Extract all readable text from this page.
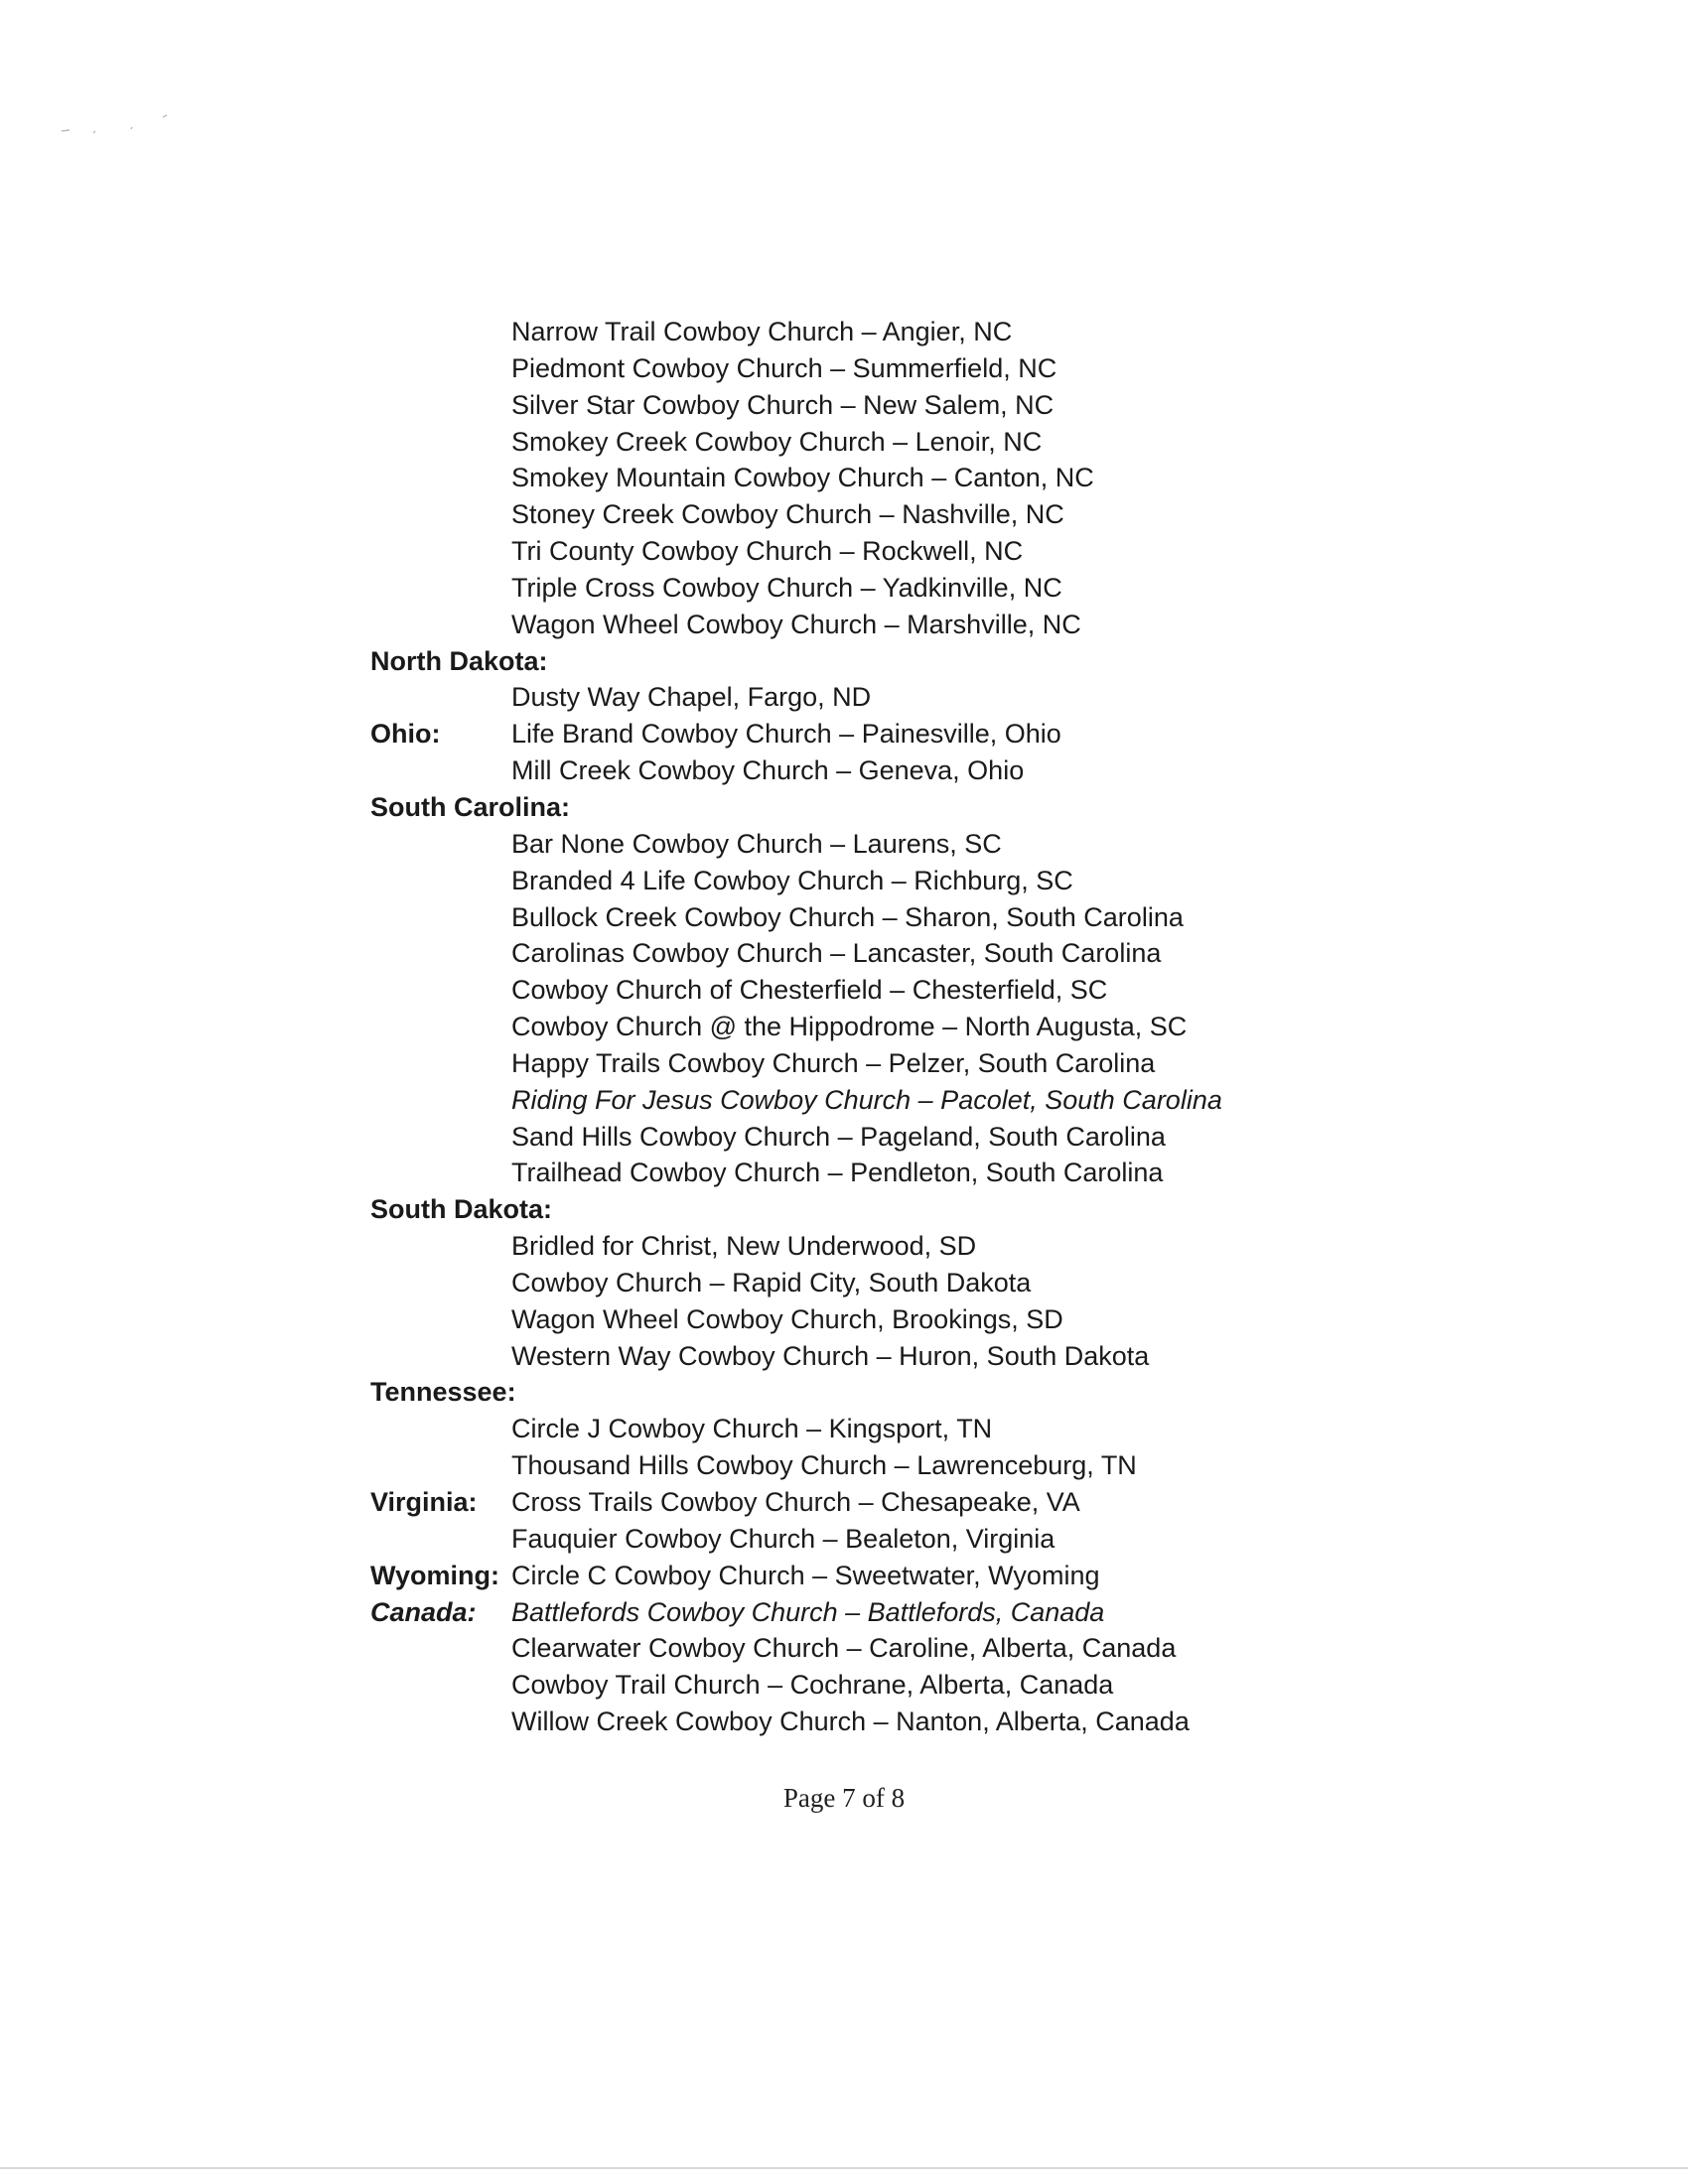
Narrow Trail Cowboy Church – Angier, NC
Piedmont Cowboy Church – Summerfield, NC
Silver Star Cowboy Church – New Salem, NC
Smokey Creek Cowboy Church – Lenoir, NC
Smokey Mountain Cowboy Church – Canton, NC
Stoney Creek Cowboy Church – Nashville, NC
Tri County Cowboy Church – Rockwell, NC
Triple Cross Cowboy Church – Yadkinville, NC
Wagon Wheel Cowboy Church – Marshville, NC
North Dakota:
Dusty Way Chapel, Fargo, ND
Ohio:	Life Brand Cowboy Church – Painesville, Ohio
Mill Creek Cowboy Church – Geneva, Ohio
South Carolina:
Bar None Cowboy Church – Laurens, SC
Branded 4 Life Cowboy Church – Richburg, SC
Bullock Creek Cowboy Church – Sharon, South Carolina
Carolinas Cowboy Church – Lancaster, South Carolina
Cowboy Church of Chesterfield – Chesterfield, SC
Cowboy Church @ the Hippodrome – North Augusta, SC
Happy Trails Cowboy Church – Pelzer, South Carolina
Riding For Jesus Cowboy Church – Pacolet, South Carolina
Sand Hills Cowboy Church – Pageland, South Carolina
Trailhead Cowboy Church – Pendleton, South Carolina
South Dakota:
Bridled for Christ, New Underwood, SD
Cowboy Church – Rapid City, South Dakota
Wagon Wheel Cowboy Church, Brookings, SD
Western Way Cowboy Church – Huron, South Dakota
Tennessee:
Circle J Cowboy Church – Kingsport, TN
Thousand Hills Cowboy Church – Lawrenceburg, TN
Virginia: Cross Trails Cowboy Church – Chesapeake, VA
Fauquier Cowboy Church – Bealeton, Virginia
Wyoming: Circle C Cowboy Church – Sweetwater, Wyoming
Canada: Battlefords Cowboy Church – Battlefords, Canada
Clearwater Cowboy Church – Caroline, Alberta, Canada
Cowboy Trail Church – Cochrane, Alberta, Canada
Willow Creek Cowboy Church – Nanton, Alberta, Canada
Page 7 of 8
